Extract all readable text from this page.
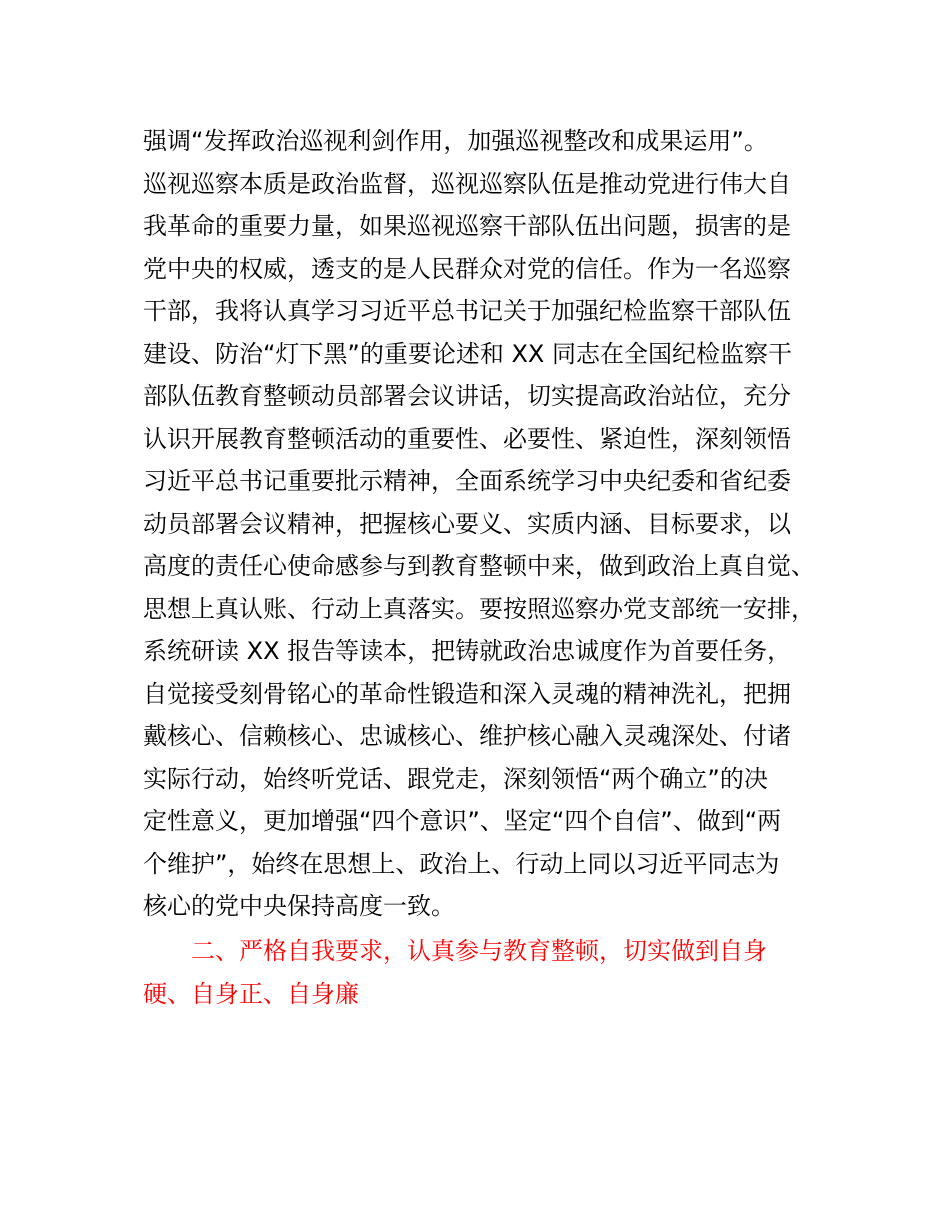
强调“发挥政治巡视利剑作用，加强巡视整改和成果运用”。
巡视巡察本质是政治监督，巡视巡察队伍是推动党进行伟大自
我革命的重要力量，如果巡视巡察干部队伍出问题，损害的是
党中央的权威，透支的是人民群众对党的信任。作为一名巡察
干部，我将认真学习习近平总书记关于加强纪检监察干部队伍
建设、防治“灯下黑”的重要论述和 XX 同志在全国纪检监察干
部队伍教育整顿动员部署会议讲话，切实提高政治站位，充分
认识开展教育整顿活动的重要性、必要性、紧迫性，深刻领悟
习近平总书记重要批示精神，全面系统学习中央纪委和省纪委
动员部署会议精神，把握核心要义、实质内涵、目标要求，以
高度的责任心使命感参与到教育整顿中来，做到政治上真自觉、
思想上真认账、行动上真落实。要按照巡察办党支部统一安排，
系统研读 XX 报告等读本，把铸就政治忠诚度作为首要任务，
自觉接受刻骨铭心的革命性锻造和深入灵魂的精神洗礼，把拥
戴核心、信赖核心、忠诚核心、维护核心融入灵魂深处、付诸
实际行动，始终听党话、跟党走，深刻领悟“两个确立”的决
定性意义，更加增强“四个意识”、坚定“四个自信”、做到“两
个维护”，始终在思想上、政治上、行动上同以习近平同志为
核心的党中央保持高度一致。
二、严格自我要求，认真参与教育整顿，切实做到自身
硬、自身正、自身廉
